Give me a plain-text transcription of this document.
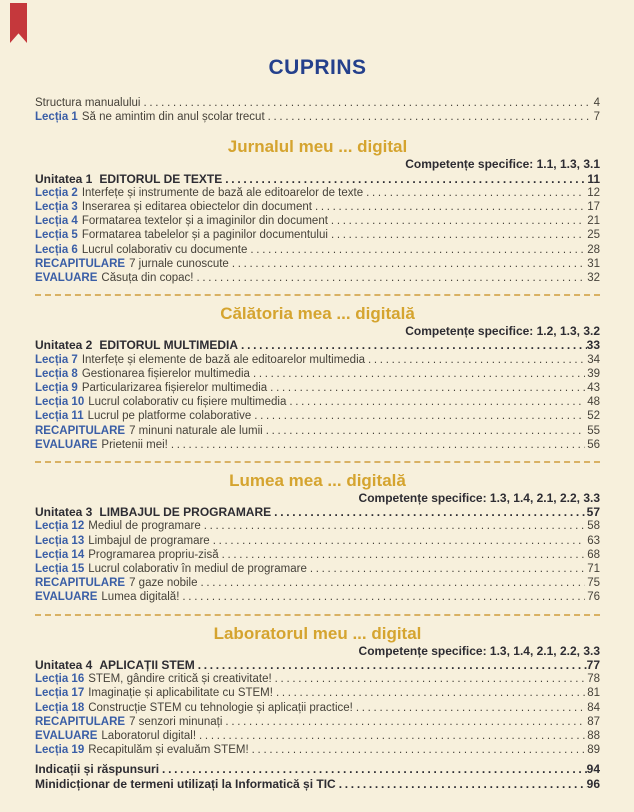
CUPRINS
Structura manualului .....	4
Lecția 1 Să ne amintim din anul școlar trecut .....	7
Jurnalul meu ... digital
Competențe specifice: 1.1, 1.3, 3.1
Unitatea 1 EDITORUL DE TEXTE .....	11
Lecția 2 Interfețe și instrumente de bază ale editoarelor de texte .....	12
Lecția 3 Inserarea și editarea obiectelor din document .....	17
Lecția 4 Formatarea textelor și a imaginilor din document .....	21
Lecția 5 Formatarea tabelelor și a paginilor documentului .....	25
Lecția 6 Lucrul colaborativ cu documente .....	28
RECAPITULARE 7 jurnale cunoscute .....	31
EVALUARE Căsuța din copac! .....	32
Călătoria mea ... digitală
Competențe specifice: 1.2, 1.3, 3.2
Unitatea 2 EDITORUL MULTIMEDIA .....	33
Lecția 7 Interfețe și elemente de bază ale editoarelor multimedia .....	34
Lecția 8 Gestionarea fișierelor multimedia .....	39
Lecția 9 Particularizarea fișierelor multimedia .....	43
Lecția 10 Lucrul colaborativ cu fișiere multimedia .....	48
Lecția 11 Lucrul pe platforme colaborative .....	52
RECAPITULARE 7 minuni naturale ale lumii .....	55
EVALUARE Prietenii mei! .....	56
Lumea mea ... digitală
Competențe specifice: 1.3, 1.4, 2.1, 2.2, 3.3
Unitatea 3 LIMBAJUL DE PROGRAMARE .....	57
Lecția 12 Mediul de programare .....	58
Lecția 13 Limbajul de programare .....	63
Lecția 14 Programarea propriu-zisă .....	68
Lecția 15 Lucrul colaborativ în mediul de programare .....	71
RECAPITULARE 7 gaze nobile .....	75
EVALUARE Lumea digitală! .....	76
Laboratorul meu ... digital
Competențe specifice: 1.3, 1.4, 2.1, 2.2, 3.3
Unitatea 4 APLICAȚII STEM .....	77
Lecția 16 STEM, gândire critică și creativitate! .....	78
Lecția 17 Imaginație și aplicabilitate cu STEM! .....	81
Lecția 18 Construcție STEM cu tehnologie și aplicații practice! .....	84
RECAPITULARE 7 senzori minunați .....	87
EVALUARE Laboratorul digital! .....	88
Lecția 19 Recapitulăm și evaluăm STEM! .....	89
Indicații și răspunsuri .....	94
Minidicționar de termeni utilizați la Informatică și TIC .....	96
